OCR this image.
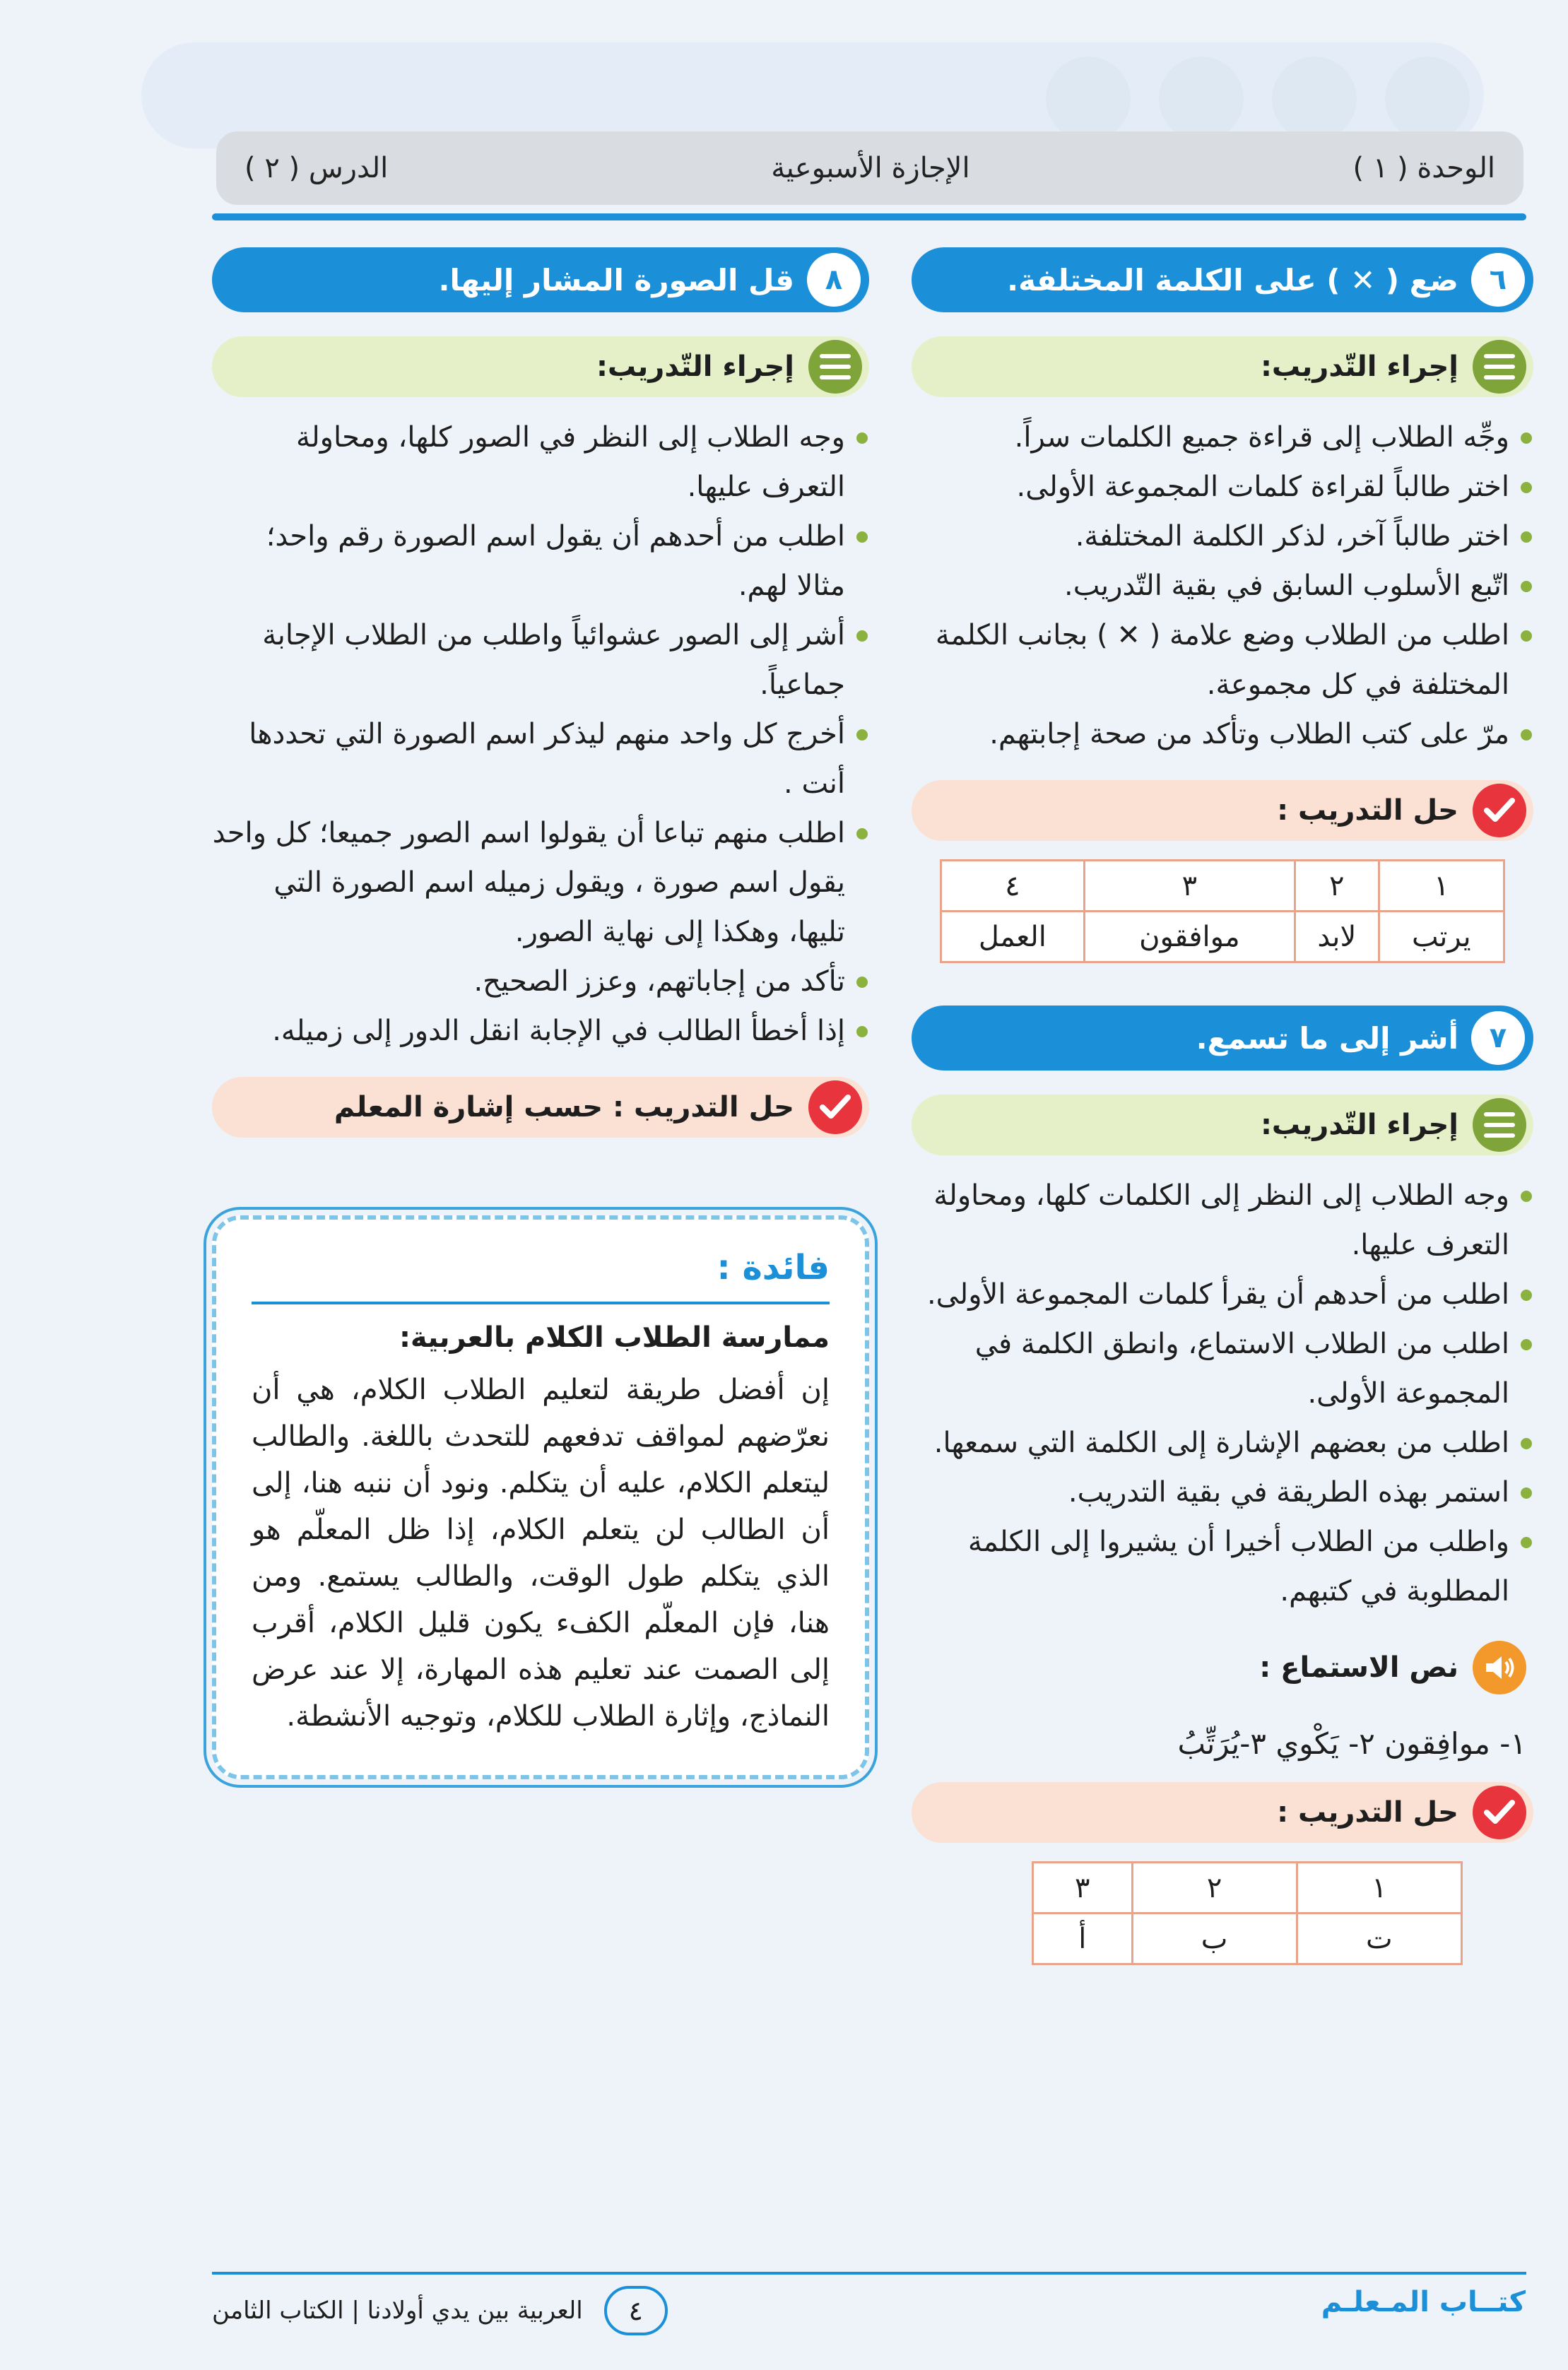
الوحدة ( ١ )
الإجازة الأسبوعية
الدرس ( ٢ )
٦
ضع ( ✕ ) على الكلمة المختلفة.
إجراء التّدريب:
وجِّه الطلاب إلى قراءة جميع الكلمات سراً.
اختر طالباً لقراءة كلمات المجموعة الأولى.
اختر طالباً آخر، لذكر الكلمة المختلفة.
اتّبع الأسلوب السابق في بقية التّدريب.
اطلب من الطلاب وضع علامة ( ✕ ) بجانب الكلمة المختلفة في كل مجموعة.
مرّ على كتب الطلاب وتأكد من صحة إجابتهم.
حل التدريب :
١	٢	٣	٤
يرتب	لابد	موافقون	العمل
٧
أشر إلى ما تسمع.
إجراء التّدريب:
وجه الطلاب إلى النظر إلى الكلمات كلها، ومحاولة التعرف عليها.
اطلب من أحدهم أن يقرأ كلمات المجموعة الأولى.
اطلب من الطلاب الاستماع، وانطق الكلمة في المجموعة الأولى.
اطلب من بعضهم الإشارة إلى الكلمة التي سمعها.
استمر بهذه الطريقة في بقية التدريب.
واطلب من الطلاب أخيرا أن يشيروا إلى الكلمة المطلوبة في كتبهم.
نص الاستماع :
١- موافِقون ٢- يَكْوي ٣-يُرَتِّبُ
حل التدريب :
١	٢	٣
ت	ب	أ
٨
قل الصورة المشار إليها.
إجراء التّدريب:
وجه الطلاب إلى النظر في الصور كلها، ومحاولة التعرف عليها.
اطلب من أحدهم أن يقول اسم الصورة رقم واحد؛ مثالا لهم.
أشر إلى الصور عشوائياً واطلب من الطلاب الإجابة جماعياً.
أخرج كل واحد منهم ليذكر اسم الصورة التي تحددها أنت .
اطلب منهم تباعا أن يقولوا اسم الصور جميعا؛ كل واحد يقول اسم صورة ، ويقول زميله اسم الصورة التي تليها، وهكذا إلى نهاية الصور.
تأكد من إجاباتهم، وعزز الصحيح.
إذا أخطأ الطالب في الإجابة انقل الدور إلى زميله.
حل التدريب : حسب إشارة المعلم
فائدة :
ممارسة الطلاب الكلام بالعربية:
إن أفضل طريقة لتعليم الطلاب الكلام، هي أن نعرّضهم لمواقف تدفعهم للتحدث باللغة. والطالب ليتعلم الكلام، عليه أن يتكلم. ونود أن ننبه هنا، إلى أن الطالب لن يتعلم الكلام، إذا ظل المعلّم هو الذي يتكلم طول الوقت، والطالب يستمع. ومن هنا، فإن المعلّم الكفء يكون قليل الكلام، أقرب إلى الصمت عند تعليم هذه المهارة، إلا عند عرض النماذج، وإثارة الطلاب للكلام، وتوجيه الأنشطة.
كتــاب المـعلـم
٤
العربية بين يدي أولادنا | الكتاب الثامن
